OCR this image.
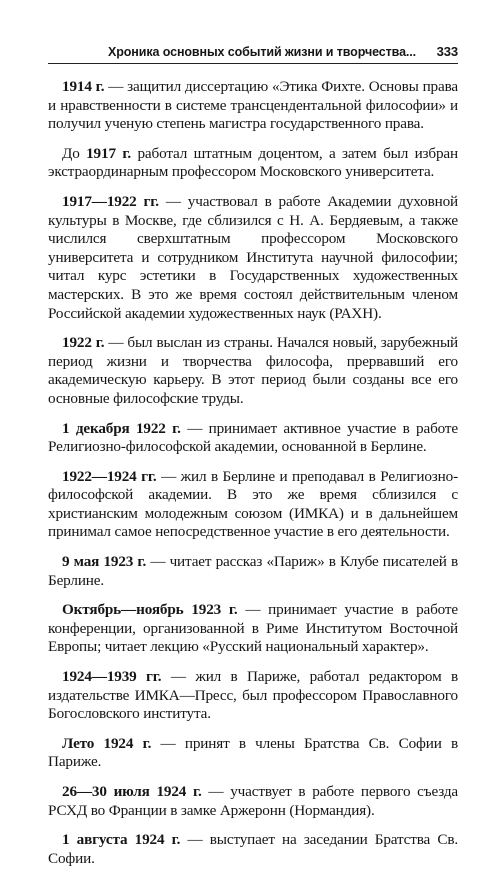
Хроника основных событий жизни и творчества... 333

1914 г. — защитил диссертацию «Этика Фихте. Основы права и нравственности в системе трансцендентальной философии» и получил ученую степень магистра государственного права.

До 1917 г. работал штатным доцентом, а затем был избран экстраординарным профессором Московского университета.

1917—1922 гг. — участвовал в работе Академии духовной культуры в Москве, где сблизился с Н. А. Бердяевым, а также числился сверхштатным профессором Московского университета и сотрудником Института научной философии; читал курс эстетики в Государственных художественных мастерских. В это же время состоял действительным членом Российской академии художественных наук (РАХН).

1922 г. — был выслан из страны. Начался новый, зарубежный период жизни и творчества философа, прервавший его академическую карьеру. В этот период были созданы все его основные философские труды.

1 декабря 1922 г. — принимает активное участие в работе Религиозно-философской академии, основанной в Берлине.

1922—1924 гг. — жил в Берлине и преподавал в Религиозно-философской академии. В это же время сблизился с христианским молодежным союзом (ИМКА) и в дальнейшем принимал самое непосредственное участие в его деятельности.

9 мая 1923 г. — читает рассказ «Париж» в Клубе писателей в Берлине.

Октябрь—ноябрь 1923 г. — принимает участие в работе конференции, организованной в Риме Институтом Восточной Европы; читает лекцию «Русский национальный характер».

1924—1939 гг. — жил в Париже, работал редактором в издательстве ИМКА—Пресс, был профессором Православного Богословского института.

Лето 1924 г. — принят в члены Братства Св. Софии в Париже.

26—30 июля 1924 г. — участвует в работе первого съезда РСХД во Франции в замке Аржеронн (Нормандия).

1 августа 1924 г. — выступает на заседании Братства Св. Софии.
